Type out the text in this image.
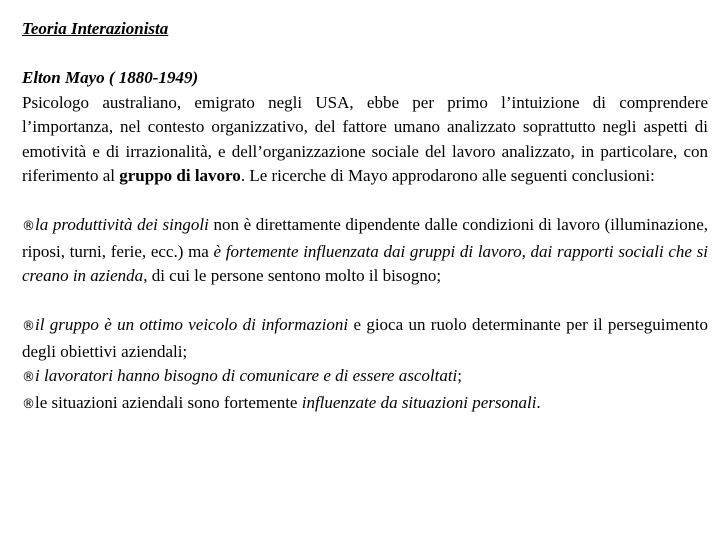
Teoria Interazionista
Elton Mayo ( 1880-1949)

Psicologo australiano, emigrato negli USA, ebbe per primo l’intuizione di comprendere l’importanza, nel contesto organizzativo, del fattore umano analizzato soprattutto negli aspetti di emotività e di irrazionalità, e dell’organizzazione sociale del lavoro analizzato, in particolare, con riferimento al gruppo di lavoro. Le ricerche di Mayo approdarono alle seguenti conclusioni:

®la produttività dei singoli non è direttamente dipendente dalle condizioni di lavoro (illuminazione, riposi, turni, ferie, ecc.) ma è fortemente influenzata dai gruppi di lavoro, dai rapporti sociali che si creano in azienda, di cui le persone sentono molto il bisogno;

®il gruppo è un ottimo veicolo di informazioni e gioca un ruolo determinante per il perseguimento degli obiettivi aziendali;

®i lavoratori hanno bisogno di comunicare e di essere ascoltati;

®le situazioni aziendali sono fortemente influenzate da situazioni personali.
